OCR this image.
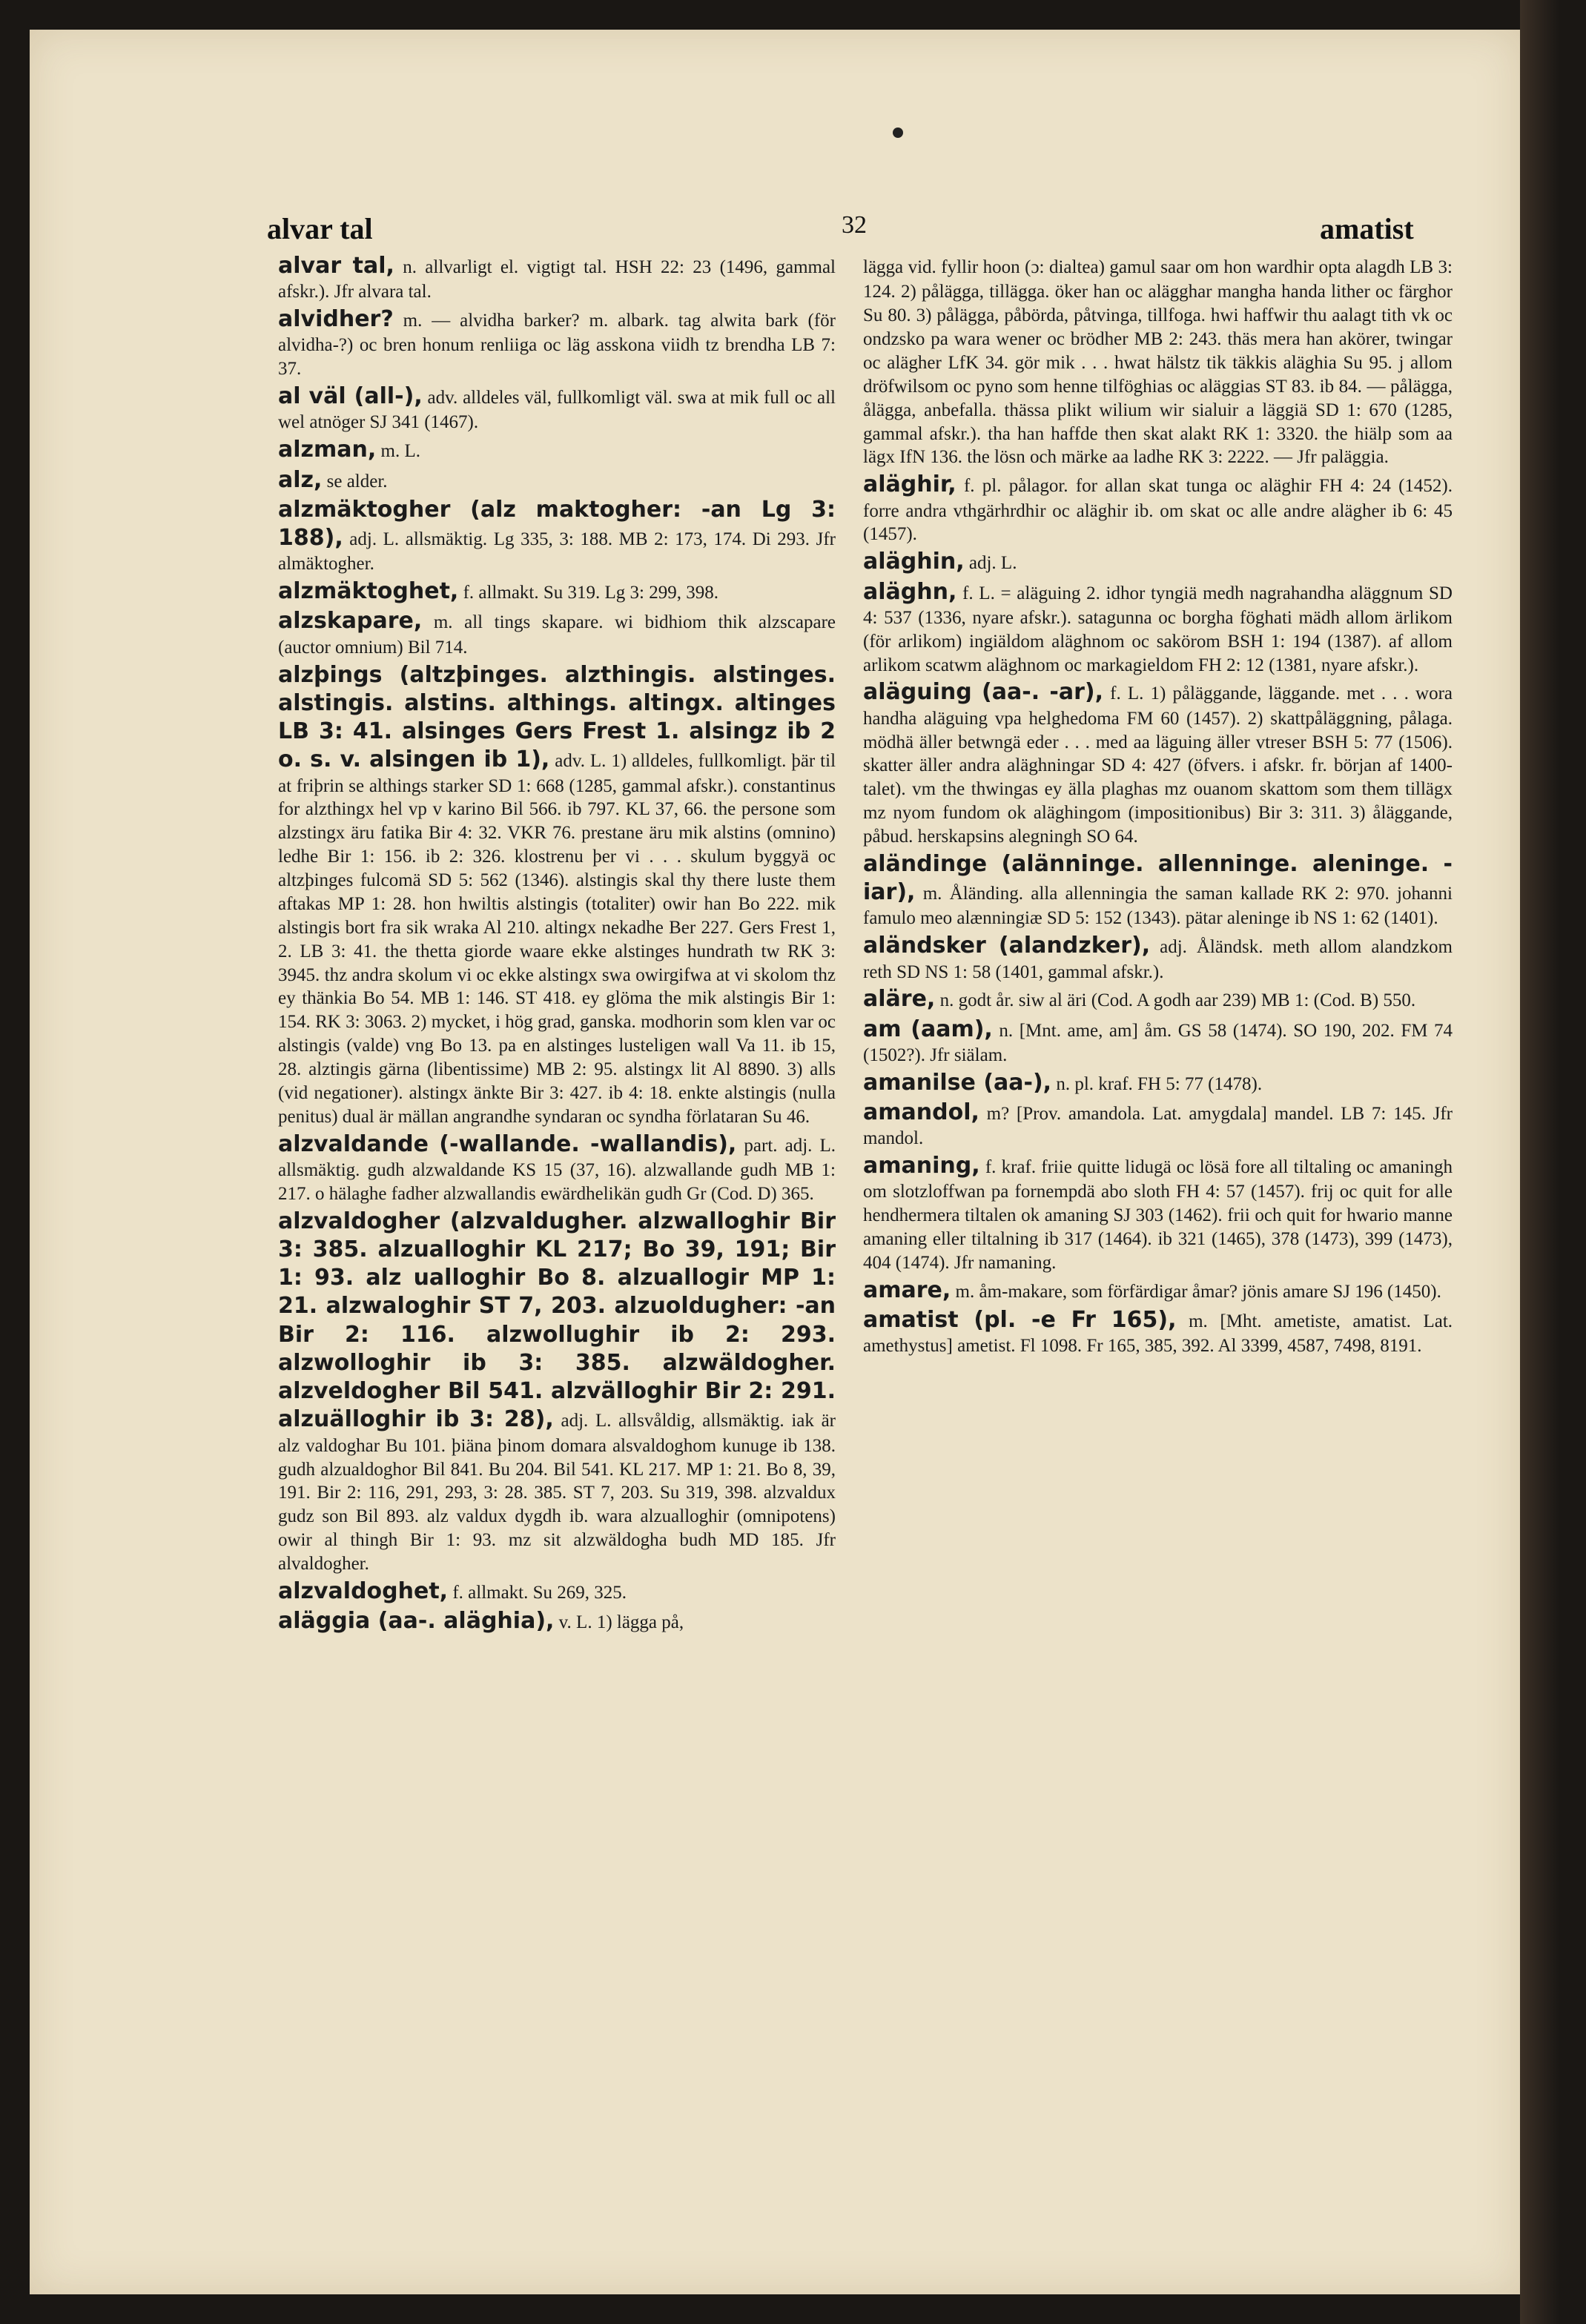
alvar tal	32	amatist

alvar tal, n. allvarligt el. vigtigt tal. HSH 22: 23 (1496, gammal afskr.). Jfr alvara tal.

alvidher? m. — alvidha barker? m. albark. tag alwita bark (för alvidha-?) oc bren honum renliiga oc läg asskona viidh tz brendha LB 7: 37.

al väl (all-), adv. alldeles väl, fullkomligt väl. swa at mik full oc all wel atnöger SJ 341 (1467).

alzman, m. L.

alz, se alder.

alzmäktogher (alz maktogher: -an Lg 3: 188), adj. L. allsmäktig. Lg 335, 3: 188. MB 2: 173, 174. Di 293. Jfr almäktogher.

alzmäktoghet, f. allmakt. Su 319. Lg 3: 299, 398.

alzskapare, m. all tings skapare. wi bidhiom thik alzscapare (auctor omnium) Bil 714.

alzþings (altzþinges. alzthingis. alstinges. alstingis. alstins. althings. altingx. altinges LB 3: 41. alsinges Gers Frest 1. alsingz ib 2 o. s. v. alsingen ib 1), adv. L. 1) alldeles, fullkomligt. þär til at friþrin se althings starker SD 1: 668 (1285, gammal afskr.). constantinus for alzthingx hel vp v karino Bil 566. ib 797. KL 37, 66. the persone som alzstingx äru fatika Bir 4: 32. VKR 76. prestane äru mik alstins (omnino) ledhe Bir 1: 156. ib 2: 326. klostrenu þer vi . . . skulum byggyä oc altzþinges fulcomä SD 5: 562 (1346). alstingis skal thy there luste them aftakas MP 1: 28. hon hwiltis alstingis (totaliter) owir han Bo 222. mik alstingis bort fra sik wraka Al 210. altingx nekadhe Ber 227. Gers Frest 1, 2. LB 3: 41. the thetta giorde waare ekke alstinges hundrath tw RK 3: 3945. thz andra skolum vi oc ekke alstingx swa owirgifwa at vi skolom thz ey thänkia Bo 54. MB 1: 146. ST 418. ey glöma the mik alstingis Bir 1: 154. RK 3: 3063. 2) mycket, i hög grad, ganska. modhorin som klen var oc alstingis (valde) vng Bo 13. pa en alstinges lusteligen wall Va 11. ib 15, 28. alztingis gärna (libentissime) MB 2: 95. alstingx lit Al 8890. 3) alls (vid negationer). alstingx änkte Bir 3: 427. ib 4: 18. enkte alstingis (nulla penitus) dual är mällan angrandhe syndaran oc syndha förlataran Su 46.

alzvaldande (-wallande. -wallandis), part. adj. L. allsmäktig. gudh alzwaldande KS 15 (37, 16). alzwallande gudh MB 1: 217. o hälaghe fadher alzwallandis ewärdhelikän gudh Gr (Cod. D) 365.

alzvaldogher (alzvaldugher. alzwalloghir Bir 3: 385. alzualloghir KL 217; Bo 39, 191; Bir 1: 93. alz ualloghir Bo 8. alzuallogir MP 1: 21. alzwaloghir ST 7, 203. alzuoldugher: -an Bir 2: 116. alzwollughir ib 2: 293. alzwolloghir ib 3: 385. alzwäldogher. alzveldogher Bil 541. alzvälloghir Bir 2: 291. alzuälloghir ib 3: 28), adj. L. allsvåldig, allsmäktig. iak är alz valdoghar Bu 101. þiäna þinom domara alsvaldoghom kunuge ib 138. gudh alzualdoghor Bil 841. Bu 204. Bil 541. KL 217. MP 1: 21. Bo 8, 39, 191. Bir 2: 116, 291, 293, 3: 28. 385. ST 7, 203. Su 319, 398. alzvaldux gudz son Bil 893. alz valdux dygdh ib. wara alzualloghir (omnipotens) owir al thingh Bir 1: 93. mz sit alzwäldogha budh MD 185. Jfr alvaldogher.

alzvaldoghet, f. allmakt. Su 269, 325.

aläggia (aa-. aläghia), v. L. 1) lägga på,

lägga vid. fyllir hoon (ɔ: dialtea) gamul saar om hon wardhir opta alagdh LB 3: 124. 2) pålägga, tillägga. öker han oc alägghar mangha handa lither oc färghor Su 80. 3) pålägga, påbörda, påtvinga, tillfoga. hwi haffwir thu aalagt tith vk oc ondzsko pa wara wener oc brödher MB 2: 243. thäs mera han akörer, twingar oc alägher LfK 34. gör mik . . . hwat hälstz tik täkkis aläghia Su 95. j allom dröfwilsom oc pyno som henne tilföghias oc aläggias ST 83. ib 84. — pålägga, ålägga, anbefalla. thässa plikt wilium wir sialuir a läggiä SD 1: 670 (1285, gammal afskr.). tha han haffde then skat alakt RK 1: 3320. the hiälp som aa lägx IfN 136. the lösn och märke aa ladhe RK 3: 2222. — Jfr paläggia.

aläghir, f. pl. pålagor. for allan skat tunga oc aläghir FH 4: 24 (1452). forre andra vthgärhrdhir oc aläghir ib. om skat oc alle andre alägher ib 6: 45 (1457).

aläghin, adj. L.

aläghn, f. L. = aläguing 2. idhor tyngiä medh nagrahandha aläggnum SD 4: 537 (1336, nyare afskr.). satagunna oc borgha föghati mädh allom ärlikom (för arlikom) ingiäldom aläghnom oc sakörom BSH 1: 194 (1387). af allom arlikom scatwm aläghnom oc markagieldom FH 2: 12 (1381, nyare afskr.).

aläguing (aa-. -ar), f. L. 1) påläggande, läggande. met . . . wora handha aläguing vpa helghedoma FM 60 (1457). 2) skattpåläggning, pålaga. mödhä äller betwngä eder . . . med aa läguing äller vtreser BSH 5: 77 (1506). skatter äller andra aläghningar SD 4: 427 (öfvers. i afskr. fr. början af 1400-talet). vm the thwingas ey älla plaghas mz ouanom skattom som them tillägx mz nyom fundom ok aläghingom (impositionibus) Bir 3: 311. 3) åläggande, påbud. herskapsins alegningh SO 64.

aländinge (alänninge. allenninge. aleninge. -iar), m. Åländing. alla allenningia the saman kallade RK 2: 970. johanni famulo meo alænningiæ SD 5: 152 (1343). pätar aleninge ib NS 1: 62 (1401).

aländsker (alandzker), adj. Åländsk. meth allom alandzkom reth SD NS 1: 58 (1401, gammal afskr.).

aläre, n. godt år. siw al äri (Cod. A godh aar 239) MB 1: (Cod. B) 550.

am (aam), n. [Mnt. ame, am] åm. GS 58 (1474). SO 190, 202. FM 74 (1502?). Jfr siälam.

amanilse (aa-), n. pl. kraf. FH 5: 77 (1478).

amandol, m? [Prov. amandola. Lat. amygdala] mandel. LB 7: 145. Jfr mandol.

amaning, f. kraf. friie quitte lidugä oc lösä fore all tiltaling oc amaningh om slotzloffwan pa fornempdä abo sloth FH 4: 57 (1457). frij oc quit for alle hendhermera tiltalen ok amaning SJ 303 (1462). frii och quit for hwario manne amaning eller tiltalning ib 317 (1464). ib 321 (1465), 378 (1473), 399 (1473), 404 (1474). Jfr namaning.

amare, m. åm-makare, som förfärdigar åmar? jönis amare SJ 196 (1450).

amatist (pl. -e Fr 165), m. [Mht. ametiste, amatist. Lat. amethystus] ametist. Fl 1098. Fr 165, 385, 392. Al 3399, 4587, 7498, 8191.
